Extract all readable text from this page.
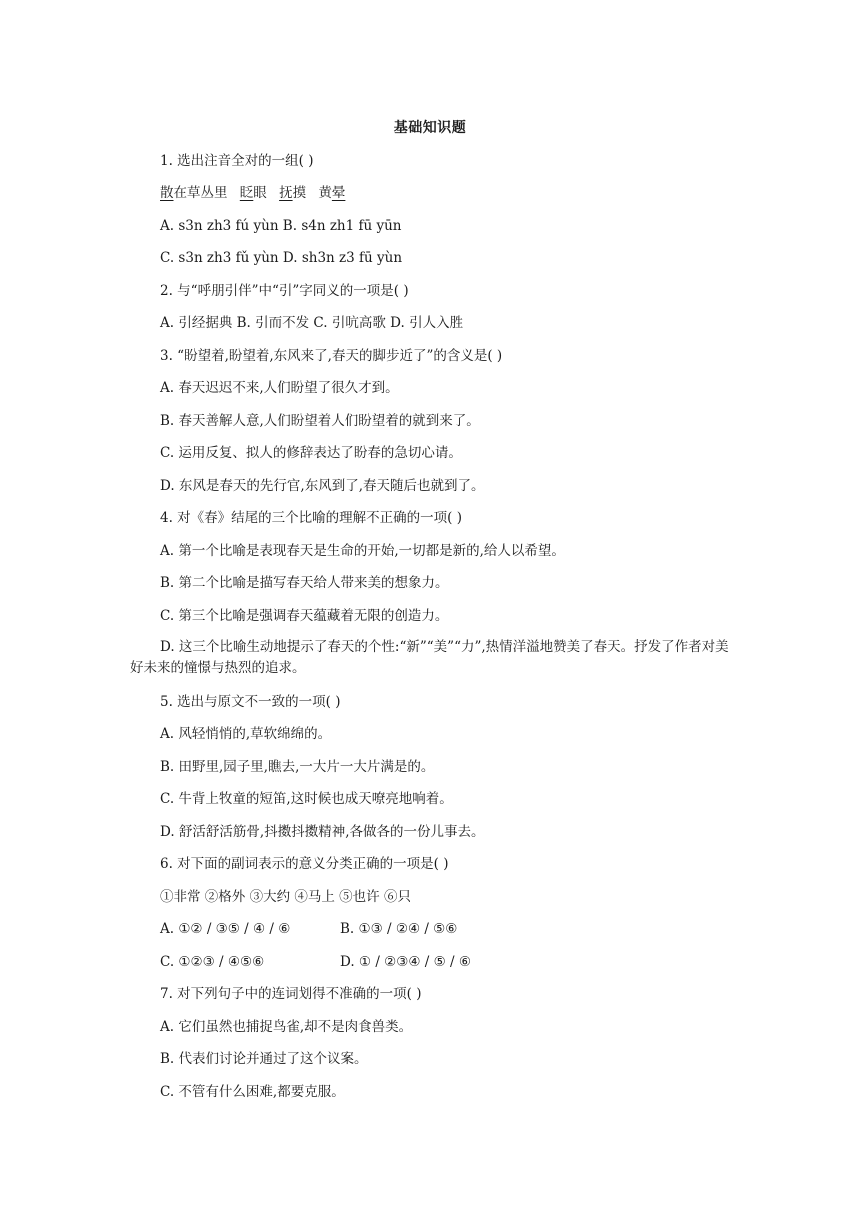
基础知识题
1. 选出注音全对的一组( )
散在草丛里 眨眼 抚摸 黄晕
A. s3n zh3 fú yùn B. s4n zh1 fū yūn
C. s3n zh3 fǔ yùn D. sh3n z3 fū yùn
2. 与“呼朋引伴”中“引”字同义的一项是( )
A. 引经据典 B. 引而不发 C. 引吭高歌 D. 引人入胜
3. “盼望着,盼望着,东风来了,春天的脚步近了”的含义是( )
A. 春天迟迟不来,人们盼望了很久才到。
B. 春天善解人意,人们盼望着人们盼望着的就到来了。
C. 运用反复、拟人的修辞表达了盼春的急切心请。
D. 东风是春天的先行官,东风到了,春天随后也就到了。
4. 对《春》结尾的三个比喻的理解不正确的一项( )
A. 第一个比喻是表现春天是生命的开始,一切都是新的,给人以希望。
B. 第二个比喻是描写春天给人带来美的想象力。
C. 第三个比喻是强调春天蕴藏着无限的创造力。
D. 这三个比喻生动地提示了春天的个性:“新”“美”“力”,热情洋溢地赞美了春天。抒发了作者对美好未来的憧憬与热烈的追求。
5. 选出与原文不一致的一项( )
A. 风轻悄悄的,草软绵绵的。
B. 田野里,园子里,瞧去,一大片一大片满是的。
C. 牛背上牧童的短笛,这时候也成天嘹亮地响着。
D. 舒活舒活筋骨,抖擞抖擞精神,各做各的一份儿事去。
6. 对下面的副词表示的意义分类正确的一项是( )
①非常 ②格外 ③大约 ④马上 ⑤也许 ⑥只
A. ①② / ③⑤ / ④ / ⑥	B. ①③ / ②④ / ⑤⑥
C. ①②③ / ④⑤⑥	D. ① / ②③④ / ⑤ / ⑥
7. 对下列句子中的连词划得不准确的一项( )
A. 它们虽然也捕捉鸟雀,却不是肉食兽类。
B. 代表们讨论并通过了这个议案。
C. 不管有什么困难,都要克服。
